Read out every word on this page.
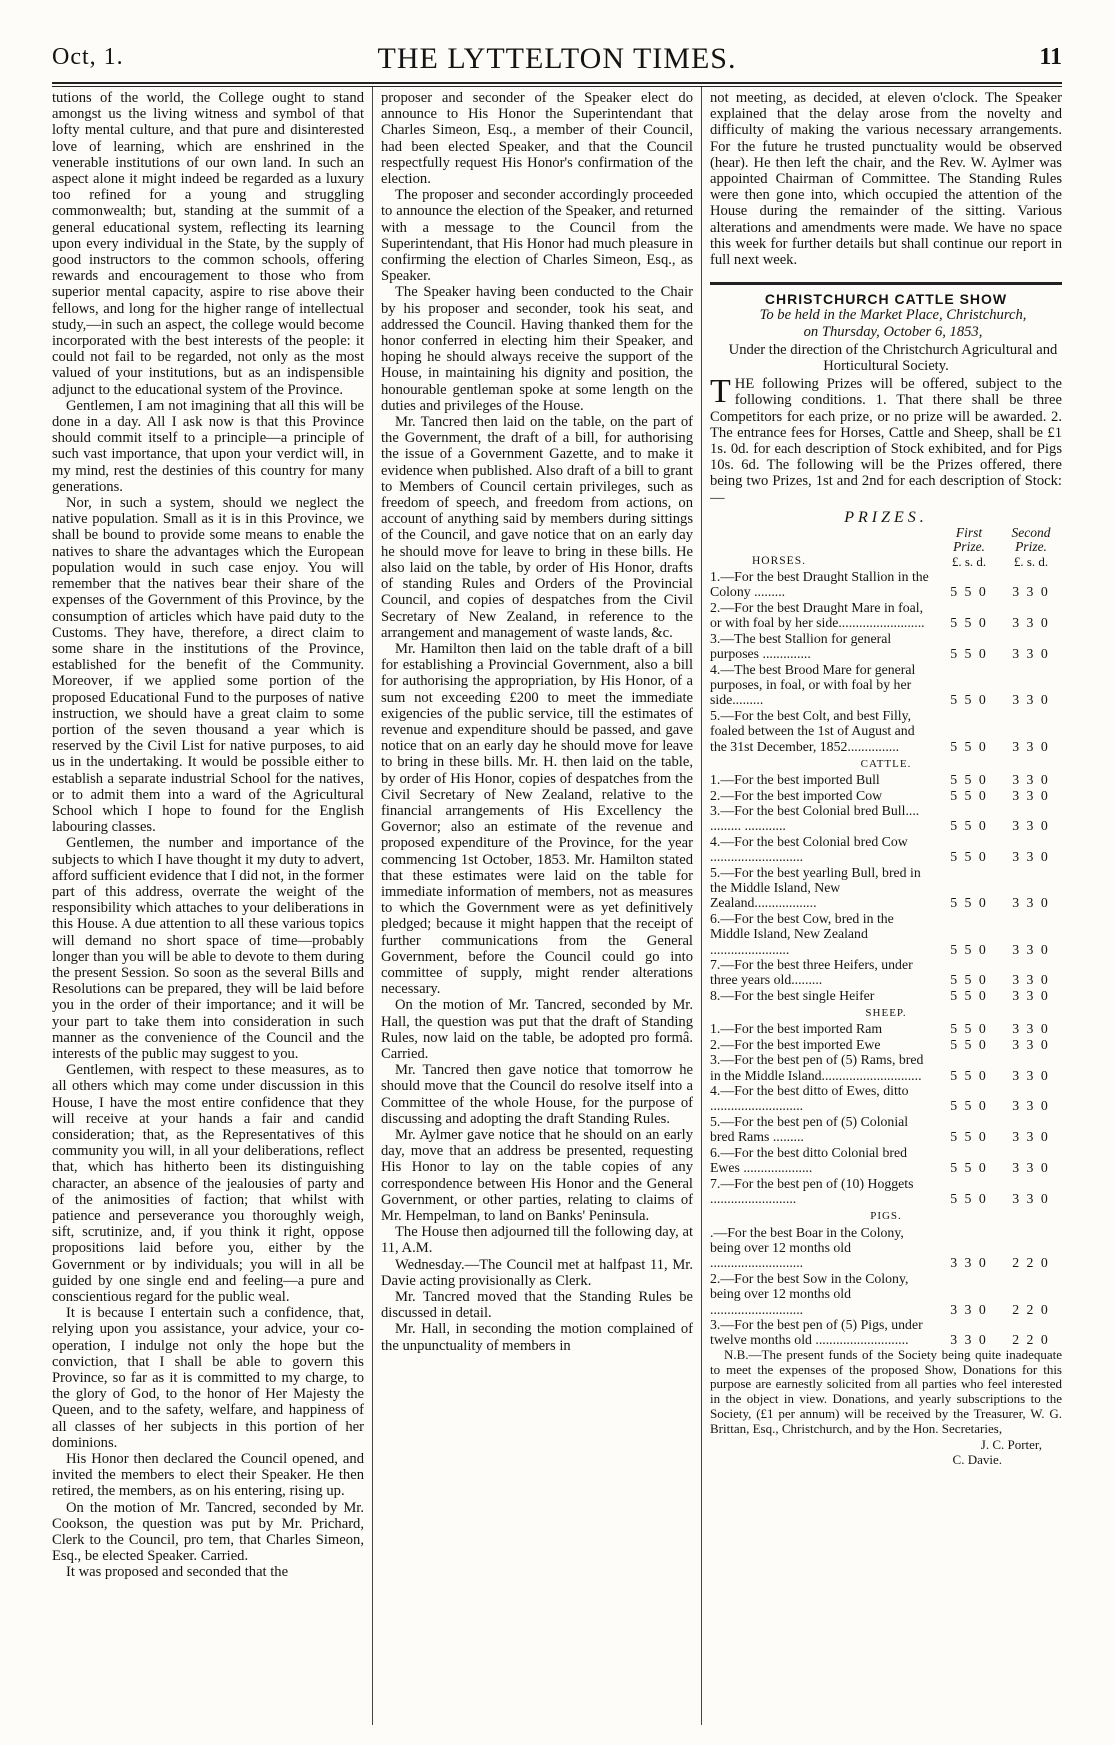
Oct, 1.	THE LYTTELTON TIMES.	11

tutions of the world, the College ought to stand amongst us the living witness and symbol of that lofty mental culture, and that pure and disinterested love of learning, which are enshrined in the venerable institutions of our own land. In such an aspect alone it might indeed be regarded as a luxury too refined for a young and struggling commonwealth; but, standing at the summit of a general educational system, reflecting its learning upon every individual in the State, by the supply of good instructors to the common schools, offering rewards and encouragement to those who from superior mental capacity, aspire to rise above their fellows, and long for the higher range of intellectual study,—in such an aspect, the college would become incorporated with the best interests of the people: it could not fail to be regarded, not only as the most valued of your institutions, but as an indispensible adjunct to the educational system of the Province.

Gentlemen, I am not imagining that all this will be done in a day. All I ask now is that this Province should commit itself to a principle—a principle of such vast importance, that upon your verdict will, in my mind, rest the destinies of this country for many generations.

Nor, in such a system, should we neglect the native population. Small as it is in this Province, we shall be bound to provide some means to enable the natives to share the advantages which the European population would in such case enjoy. You will remember that the natives bear their share of the expenses of the Government of this Province, by the consumption of articles which have paid duty to the Customs. They have, therefore, a direct claim to some share in the institutions of the Province, established for the benefit of the Community. Moreover, if we applied some portion of the proposed Educational Fund to the purposes of native instruction, we should have a great claim to some portion of the seven thousand a year which is reserved by the Civil List for native purposes, to aid us in the undertaking. It would be possible either to establish a separate industrial School for the natives, or to admit them into a ward of the Agricultural School which I hope to found for the English labouring classes.

Gentlemen, the number and importance of the subjects to which I have thought it my duty to advert, afford sufficient evidence that I did not, in the former part of this address, overrate the weight of the responsibility which attaches to your deliberations in this House. A due attention to all these various topics will demand no short space of time—probably longer than you will be able to devote to them during the present Session. So soon as the several Bills and Resolutions can be prepared, they will be laid before you in the order of their importance; and it will be your part to take them into consideration in such manner as the convenience of the Council and the interests of the public may suggest to you.

Gentlemen, with respect to these measures, as to all others which may come under discussion in this House, I have the most entire confidence that they will receive at your hands a fair and candid consideration; that, as the Representatives of this community you will, in all your deliberations, reflect that, which has hitherto been its distinguishing character, an absence of the jealousies of party and of the animosities of faction; that whilst with patience and perseverance you thoroughly weigh, sift, scrutinize, and, if you think it right, oppose propositions laid before you, either by the Government or by individuals; you will in all be guided by one single end and feeling—a pure and conscientious regard for the public weal.

It is because I entertain such a confidence, that, relying upon you assistance, your advice, your co-operation, I indulge not only the hope but the conviction, that I shall be able to govern this Province, so far as it is committed to my charge, to the glory of God, to the honor of Her Majesty the Queen, and to the safety, welfare, and happiness of all classes of her subjects in this portion of her dominions.

His Honor then declared the Council opened, and invited the members to elect their Speaker. He then retired, the members, as on his entering, rising up.

On the motion of Mr. Tancred, seconded by Mr. Cookson, the question was put by Mr. Prichard, Clerk to the Council, pro tem, that Charles Simeon, Esq., be elected Speaker. Carried.

It was proposed and seconded that the

proposer and seconder of the Speaker elect do announce to His Honor the Superintendant that Charles Simeon, Esq., a member of their Council, had been elected Speaker, and that the Council respectfully request His Honor's confirmation of the election.

The proposer and seconder accordingly proceeded to announce the election of the Speaker, and returned with a message to the Council from the Superintendant, that His Honor had much pleasure in confirming the election of Charles Simeon, Esq., as Speaker.

The Speaker having been conducted to the Chair by his proposer and seconder, took his seat, and addressed the Council. Having thanked them for the honor conferred in electing him their Speaker, and hoping he should always receive the support of the House, in maintaining his dignity and position, the honourable gentleman spoke at some length on the duties and privileges of the House.

Mr. Tancred then laid on the table, on the part of the Government, the draft of a bill, for authorising the issue of a Government Gazette, and to make it evidence when published. Also draft of a bill to grant to Members of Council certain privileges, such as freedom of speech, and freedom from actions, on account of anything said by members during sittings of the Council, and gave notice that on an early day he should move for leave to bring in these bills. He also laid on the table, by order of His Honor, drafts of standing Rules and Orders of the Provincial Council, and copies of despatches from the Civil Secretary of New Zealand, in reference to the arrangement and management of waste lands, &c.

Mr. Hamilton then laid on the table draft of a bill for establishing a Provincial Government, also a bill for authorising the appropriation, by His Honor, of a sum not exceeding £200 to meet the immediate exigencies of the public service, till the estimates of revenue and expenditure should be passed, and gave notice that on an early day he should move for leave to bring in these bills. Mr. H. then laid on the table, by order of His Honor, copies of despatches from the Civil Secretary of New Zealand, relative to the financial arrangements of His Excellency the Governor; also an estimate of the revenue and proposed expenditure of the Province, for the year commencing 1st October, 1853. Mr. Hamilton stated that these estimates were laid on the table for immediate information of members, not as measures to which the Government were as yet definitively pledged; because it might happen that the receipt of further communications from the General Government, before the Council could go into committee of supply, might render alterations necessary.

On the motion of Mr. Tancred, seconded by Mr. Hall, the question was put that the draft of Standing Rules, now laid on the table, be adopted pro formâ. Carried.

Mr. Tancred then gave notice that tomorrow he should move that the Council do resolve itself into a Committee of the whole House, for the purpose of discussing and adopting the draft Standing Rules.

Mr. Aylmer gave notice that he should on an early day, move that an address be presented, requesting His Honor to lay on the table copies of any correspondence between His Honor and the General Government, or other parties, relating to claims of Mr. Hempelman, to land on Banks' Peninsula.

The House then adjourned till the following day, at 11, A.M.

Wednesday.—The Council met at halfpast 11, Mr. Davie acting provisionally as Clerk.

Mr. Tancred moved that the Standing Rules be discussed in detail.

Mr. Hall, in seconding the motion complained of the unpunctuality of members in

not meeting, as decided, at eleven o'clock. The Speaker explained that the delay arose from the novelty and difficulty of making the various necessary arrangements. For the future he trusted punctuality would be observed (hear). He then left the chair, and the Rev. W. Aylmer was appointed Chairman of Committee. The Standing Rules were then gone into, which occupied the attention of the House during the remainder of the sitting. Various alterations and amendments were made. We have no space this week for further details but shall continue our report in full next week.

CHRISTCHURCH CATTLE SHOW

To be held in the Market Place, Christchurch,

on Thursday, October 6, 1853,

Under the direction of the Christchurch Agricultural and Horticultural Society.

THE following Prizes will be offered, subject to the following conditions. 1. That there shall be three Competitors for each prize, or no prize will be awarded. 2. The entrance fees for Horses, Cattle and Sheep, shall be £1 1s. 0d. for each description of Stock exhibited, and for Pigs 10s. 6d. The following will be the Prizes offered, there being two Prizes, 1st and 2nd for each description of Stock:—

PRIZES.
First	Second
Prize.	Prize.
HORSES.	£. s. d.	£. s. d.
1.—For the best Draught Stallion in the Colony .........	5 5 0	3 3 0
2.—For the best Draught Mare in foal, or with foal by her side.........................	5 5 0	3 3 0
3.—The best Stallion for general purposes ..............	5 5 0	3 3 0
4.—The best Brood Mare for general purposes, in foal, or with foal by her side.........	5 5 0	3 3 0
5.—For the best Colt, and best Filly, foaled between the 1st of August and the 31st December, 1852...............	5 5 0	3 3 0
CATTLE.
1.—For the best imported Bull	5 5 0	3 3 0
2.—For the best imported Cow	5 5 0	3 3 0
3.—For the best Colonial bred Bull.... ......... ............	5 5 0	3 3 0
4.—For the best Colonial bred Cow ...........................	5 5 0	3 3 0
5.—For the best yearling Bull, bred in the Middle Island, New Zealand..................	5 5 0	3 3 0
6.—For the best Cow, bred in the Middle Island, New Zealand .......................	5 5 0	3 3 0
7.—For the best three Heifers, under three years old.........	5 5 0	3 3 0
8.—For the best single Heifer	5 5 0	3 3 0
SHEEP.
1.—For the best imported Ram	5 5 0	3 3 0
2.—For the best imported Ewe	5 5 0	3 3 0
3.—For the best pen of (5) Rams, bred in the Middle Island.............................	5 5 0	3 3 0
4.—For the best ditto of Ewes, ditto ...........................	5 5 0	3 3 0
5.—For the best pen of (5) Colonial bred Rams .........	5 5 0	3 3 0
6.—For the best ditto Colonial bred Ewes ....................	5 5 0	3 3 0
7.—For the best pen of (10) Hoggets .........................	5 5 0	3 3 0
PIGS.
.—For the best Boar in the Colony, being over 12 months old ...........................	3 3 0	2 2 0
2.—For the best Sow in the Colony, being over 12 months old ...........................	3 3 0	2 2 0
3.—For the best pen of (5) Pigs, under twelve months old ...........................	3 3 0	2 2 0

N.B.—The present funds of the Society being quite inadequate to meet the expenses of the proposed Show, Donations for this purpose are earnestly solicited from all parties who feel interested in the object in view. Donations, and yearly subscriptions to the Society, (£1 per annum) will be received by the Treasurer, W. G. Brittan, Esq., Christchurch, and by the Hon. Secretaries,

J. C. Porter,
C. Davie.
